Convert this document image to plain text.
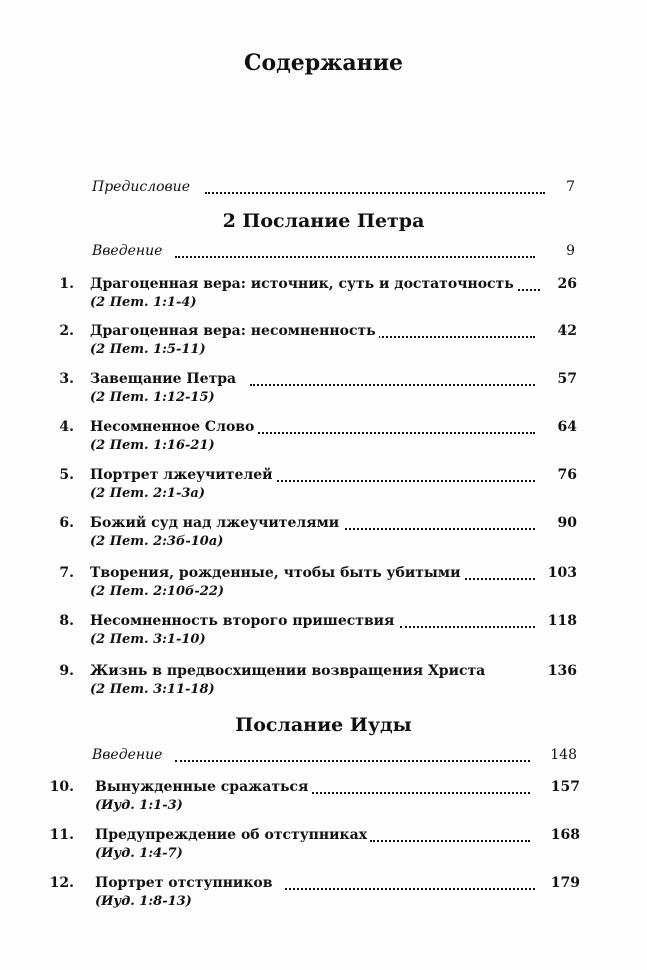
Содержание
Предисловие	7
2 Послание Петра
Введение	9
1. Драгоценная вера: источник, суть и достаточность	26
(2 Пет. 1:1-4)
2. Драгоценная вера: несомненность	42
(2 Пет. 1:5-11)
3. Завещание Петра	57
(2 Пет. 1:12-15)
4. Несомненное Слово	64
(2 Пет. 1:16-21)
5. Портрет лжеучителей	76
(2 Пет. 2:1-3а)
6. Божий суд над лжеучителями	90
(2 Пет. 2:3б-10а)
7. Творения, рожденные, чтобы быть убитыми	103
(2 Пет. 2:10б-22)
8. Несомненность второго пришествия	118
(2 Пет. 3:1-10)
9. Жизнь в предвосхищении возвращения Христа	136
(2 Пет. 3:11-18)
Послание Иуды
Введение	148
10. Вынужденные сражаться	157
(Иуд. 1:1-3)
11. Предупреждение об отступниках	168
(Иуд. 1:4-7)
12. Портрет отступников	179
(Иуд. 1:8-13)
